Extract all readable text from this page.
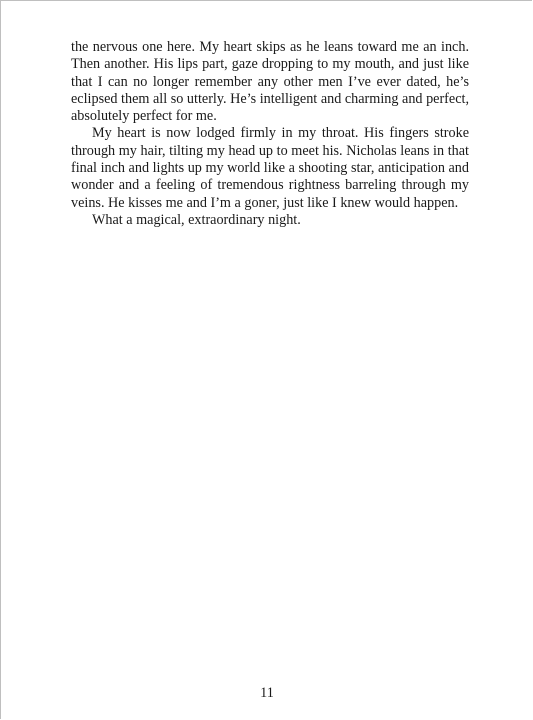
the nervous one here. My heart skips as he leans toward me an inch. Then another. His lips part, gaze dropping to my mouth, and just like that I can no longer remember any other men I’ve ever dated, he’s eclipsed them all so utterly. He’s intelligent and charming and perfect, absolutely perfect for me.

My heart is now lodged firmly in my throat. His fingers stroke through my hair, tilting my head up to meet his. Nicholas leans in that final inch and lights up my world like a shooting star, anticipation and wonder and a feeling of tremendous rightness barreling through my veins. He kisses me and I’m a goner, just like I knew would happen.

What a magical, extraordinary night.

11
